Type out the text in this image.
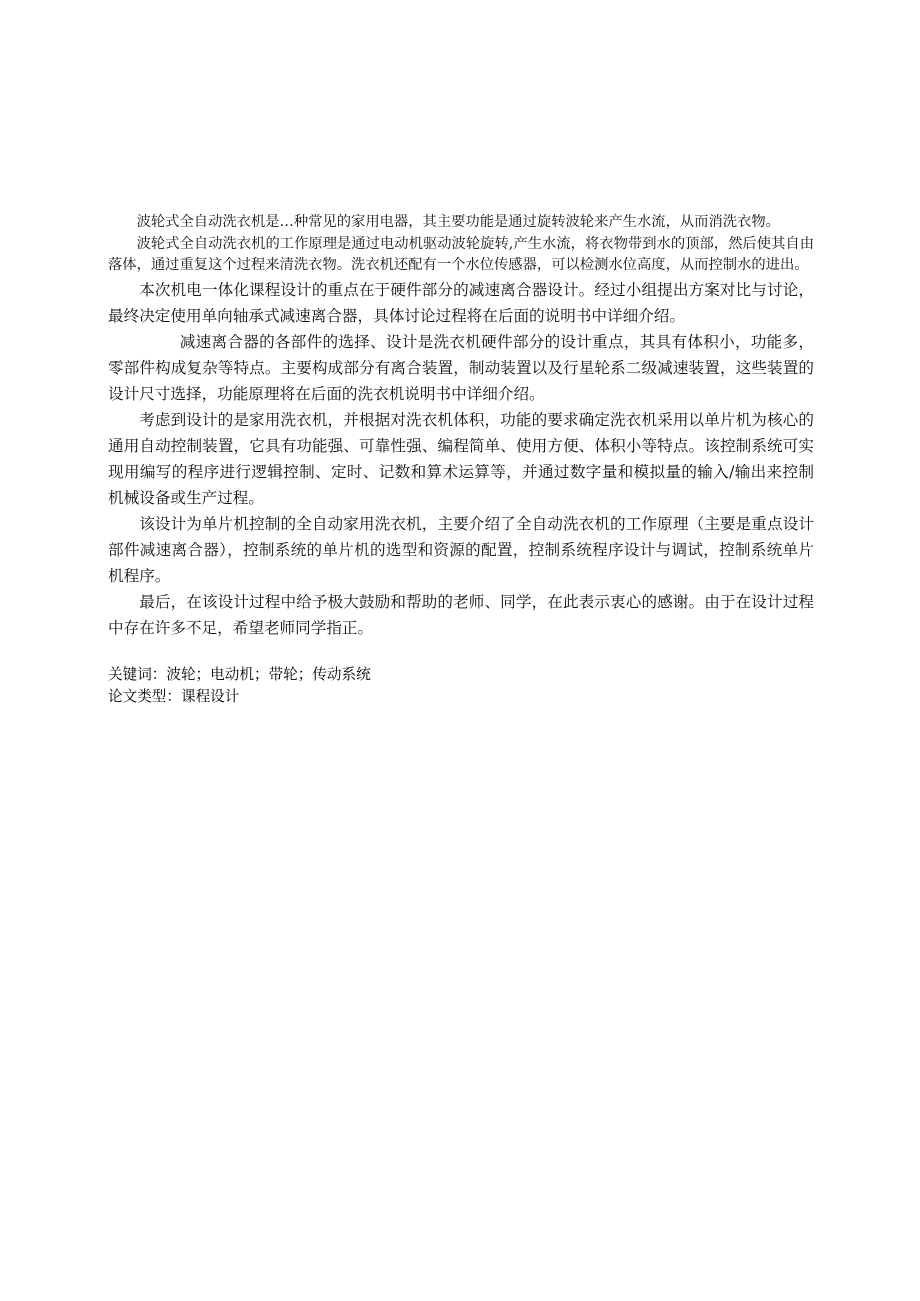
波轮式全自动洗衣机是…种常见的家用电器，其主要功能是通过旋转波轮来产生水流，从而消洗衣物。

波轮式全自动洗衣机的工作原理是通过电动机驱动波轮旋转,产生水流，将衣物带到水的顶部，然后使其自由落体，通过重复这个过程来清洗衣物。洗衣机还配有一个水位传感器，可以检测水位高度，从而控制水的进出。

本次机电一体化课程设计的重点在于硬件部分的减速离合器设计。经过小组提出方案对比与讨论，最终决定使用单向轴承式减速离合器，具体讨论过程将在后面的说明书中详细介绍。

减速离合器的各部件的选择、设计是洗衣机硬件部分的设计重点，其具有体积小，功能多，零部件构成复杂等特点。主要构成部分有离合装置，制动装置以及行星轮系二级减速装置，这些装置的设计尺寸选择，功能原理将在后面的洗衣机说明书中详细介绍。

考虑到设计的是家用洗衣机，并根据对洗衣机体积，功能的要求确定洗衣机采用以单片机为核心的通用自动控制装置，它具有功能强、可靠性强、编程简单、使用方便、体积小等特点。该控制系统可实现用编写的程序进行逻辑控制、定时、记数和算术运算等，并通过数字量和模拟量的输入/输出来控制机械设备或生产过程。

该设计为单片机控制的全自动家用洗衣机，主要介绍了全自动洗衣机的工作原理（主要是重点设计部件减速离合器），控制系统的单片机的选型和资源的配置，控制系统程序设计与调试，控制系统单片机程序。

最后，在该设计过程中给予极大鼓励和帮助的老师、同学，在此表示衷心的感谢。由于在设计过程中存在许多不足，希望老师同学指正。

关键词：波轮；电动机；带轮；传动系统

论文类型：课程设计
